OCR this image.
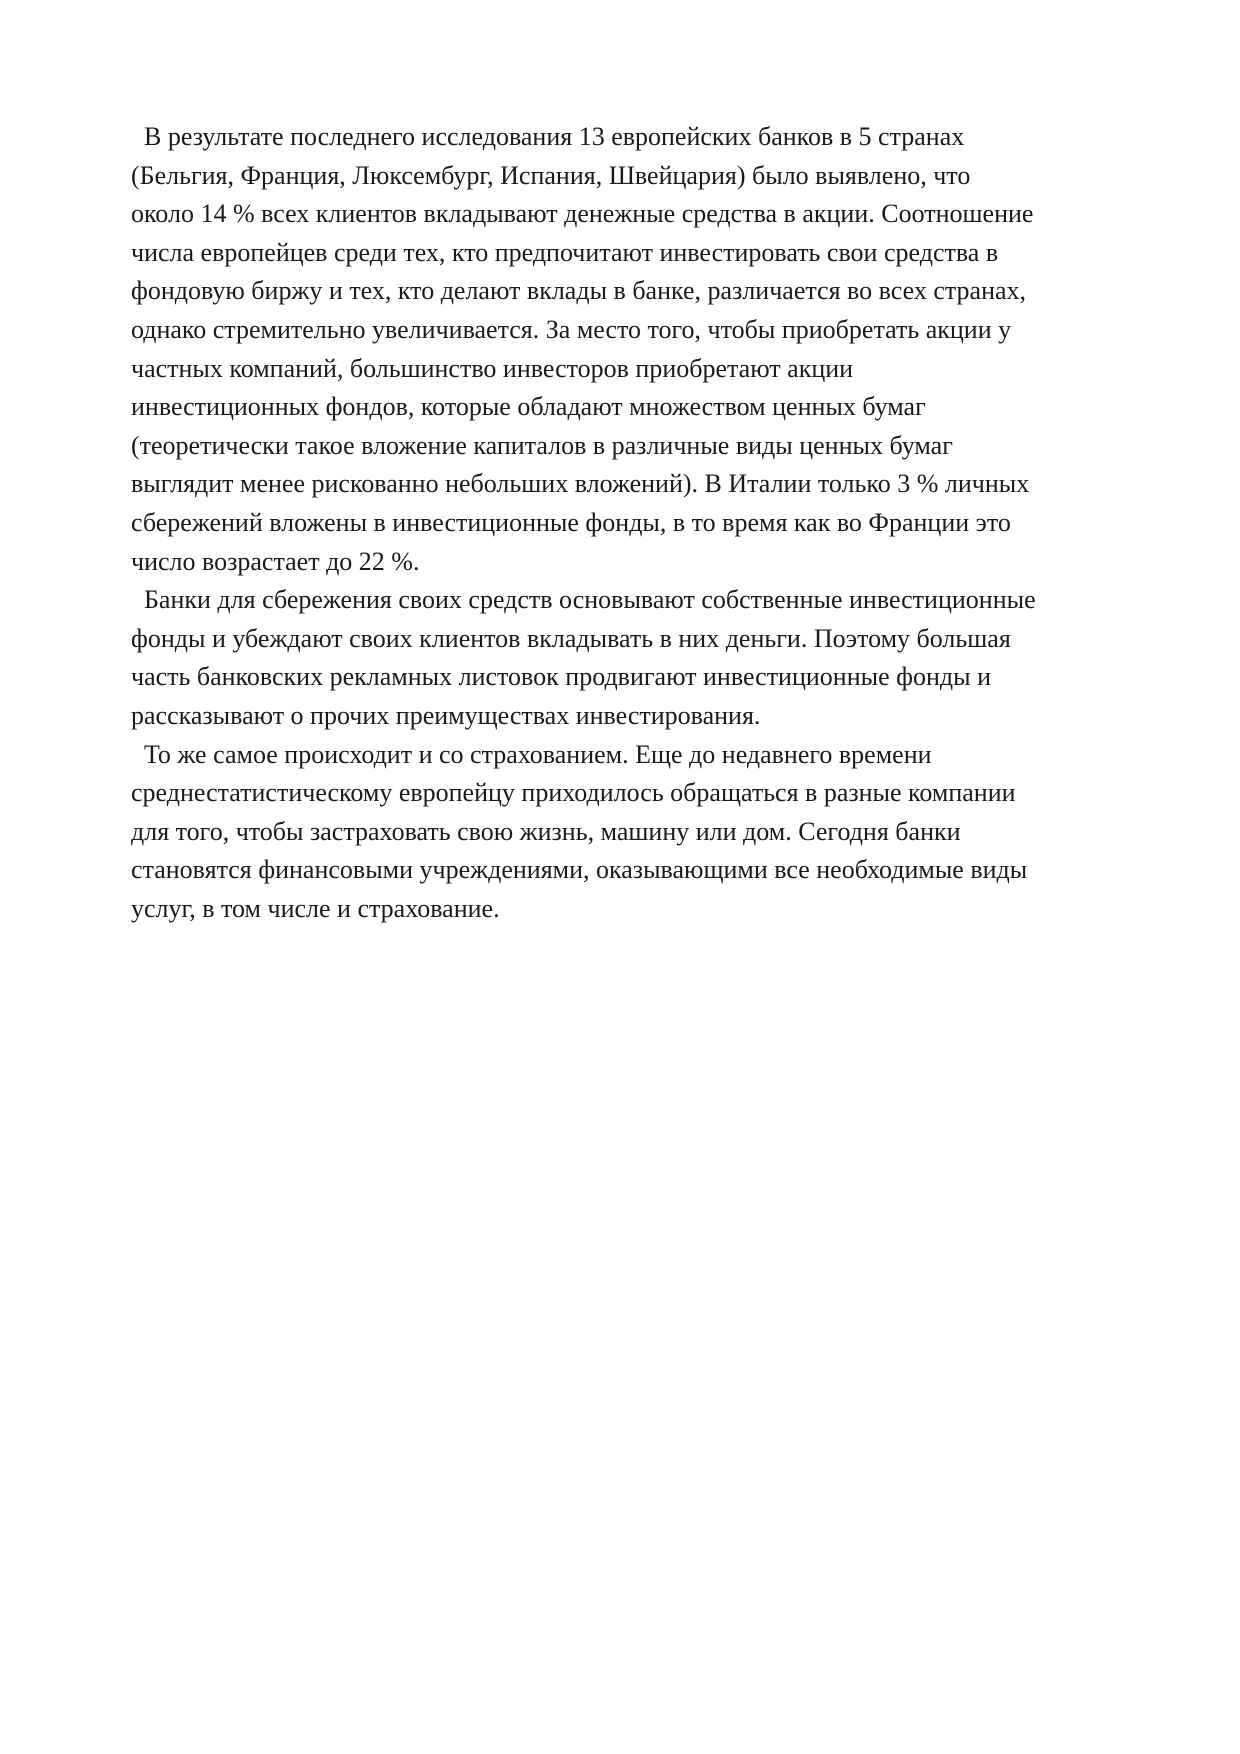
В результате последнего исследования 13 европейских банков в 5 странах
(Бельгия, Франция, Люксембург, Испания, Швейцария) было выявлено, что
около 14 % всех клиентов вкладывают денежные средства в акции. Соотношение
числа европейцев среди тех, кто предпочитают инвестировать свои средства в
фондовую биржу и тех, кто делают вклады в банке, различается во всех странах,
однако стремительно увеличивается. За место того, чтобы приобретать акции у
частных компаний, большинство инвесторов приобретают акции
инвестиционных фондов, которые обладают множеством ценных бумаг
(теоретически такое вложение капиталов в различные виды ценных бумаг
выглядит менее рискованно небольших вложений). В Италии только 3 % личных
сбережений вложены в инвестиционные фонды, в то время как во Франции это
число возрастает до 22 %.

Банки для сбережения своих средств основывают собственные инвестиционные
фонды и убеждают своих клиентов вкладывать в них деньги. Поэтому большая
часть банковских рекламных листовок продвигают инвестиционные фонды и
рассказывают о прочих преимуществах инвестирования.

То же самое происходит и со страхованием. Еще до недавнего времени
среднестатистическому европейцу приходилось обращаться в разные компании
для того, чтобы застраховать свою жизнь, машину или дом. Сегодня банки
становятся финансовыми учреждениями, оказывающими все необходимые виды
услуг, в том числе и страхование.
